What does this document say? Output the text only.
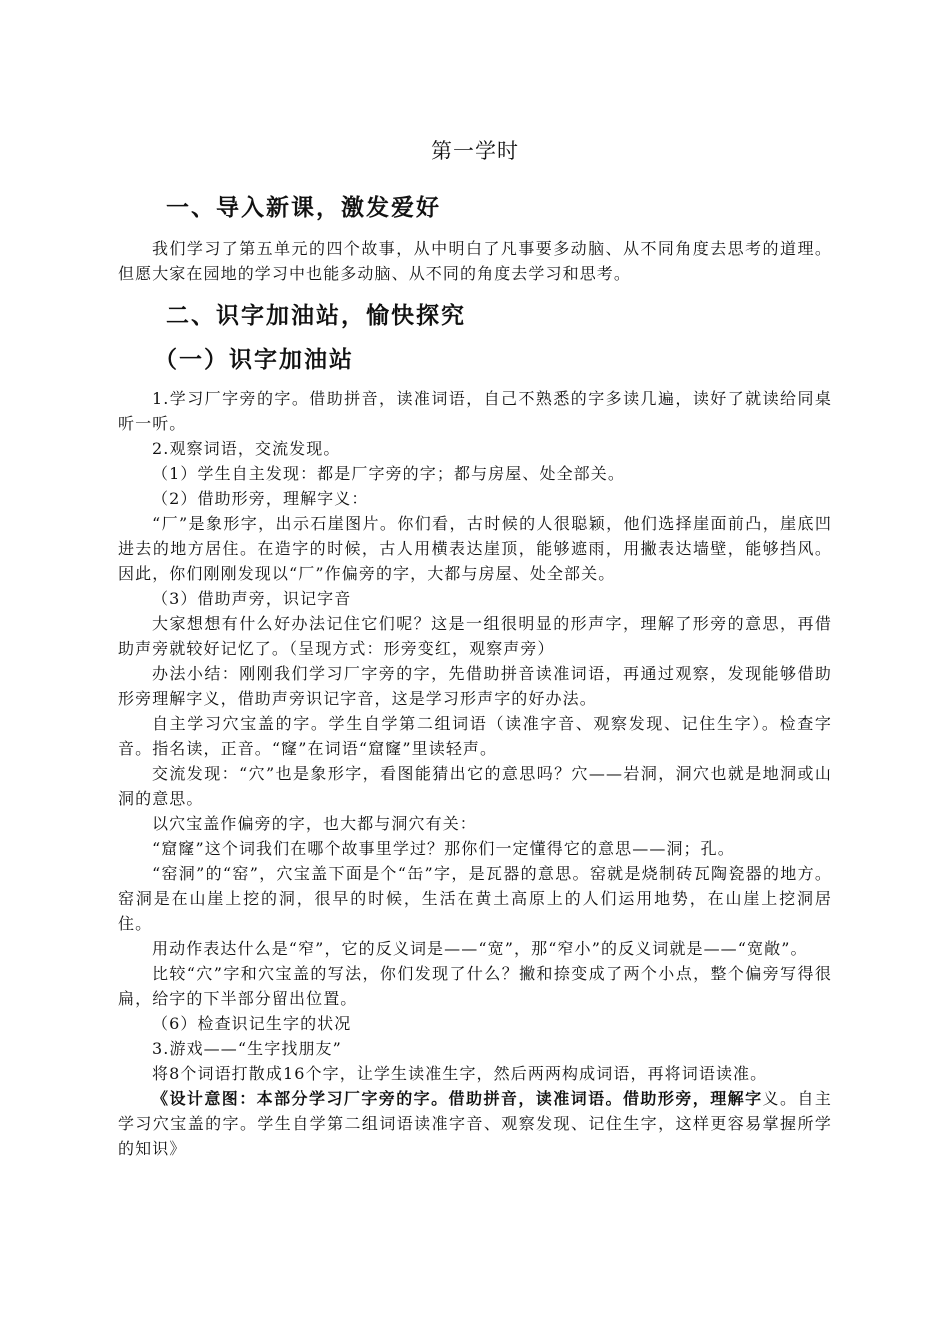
第一学时
一、导入新课，激发爱好

我们学习了第五单元的四个故事，从中明白了凡事要多动脑、从不同角度去思考的道理。但愿大家在园地的学习中也能多动脑、从不同的角度去学习和思考。

二、识字加油站，愉快探究
（一）识字加油站

1.学习厂字旁的字。借助拼音，读准词语，自己不熟悉的字多读几遍，读好了就读给同桌听一听。

2.观察词语，交流发现。

（1）学生自主发现：都是厂字旁的字；都与房屋、处全部关。

（2）借助形旁，理解字义：

“厂”是象形字，出示石崖图片。你们看，古时候的人很聪颖，他们选择崖面前凸，崖底凹进去的地方居住。在造字的时候，古人用横表达崖顶，能够遮雨，用撇表达墙壁，能够挡风。因此，你们刚刚发现以“厂”作偏旁的字，大都与房屋、处全部关。

（3）借助声旁，识记字音

大家想想有什么好办法记住它们呢？这是一组很明显的形声字，理解了形旁的意思，再借助声旁就较好记忆了。（呈现方式：形旁变红，观察声旁）

办法小结：刚刚我们学习厂字旁的字，先借助拼音读准词语，再通过观察，发现能够借助形旁理解字义，借助声旁识记字音，这是学习形声字的好办法。

自主学习穴宝盖的字。学生自学第二组词语（读准字音、观察发现、记住生字）。检查字音。指名读，正音。“窿”在词语“窟窿”里读轻声。

交流发现：“穴”也是象形字，看图能猜出它的意思吗？穴——岩洞，洞穴也就是地洞或山洞的意思。

以穴宝盖作偏旁的字，也大都与洞穴有关：

“窟窿”这个词我们在哪个故事里学过？那你们一定懂得它的意思——洞；孔。

“窑洞”的“窑”，穴宝盖下面是个“缶”字，是瓦器的意思。窑就是烧制砖瓦陶瓷器的地方。窑洞是在山崖上挖的洞，很早的时候，生活在黄土高原上的人们运用地势，在山崖上挖洞居住。

用动作表达什么是“窄”，它的反义词是——“宽”，那“窄小”的反义词就是——“宽敞”。

比较“穴”字和穴宝盖的写法，你们发现了什么？撇和捺变成了两个小点，整个偏旁写得很扁，给字的下半部分留出位置。

（6）检查识记生字的状况

3.游戏——“生字找朋友”

将8个词语打散成16个字，让学生读准生字，然后两两构成词语，再将词语读准。

《设计意图：本部分学习厂字旁的字。借助拼音，读准词语。借助形旁，理解字义。自主学习穴宝盖的字。学生自学第二组词语读准字音、观察发现、记住生字，这样更容易掌握所学的知识》
